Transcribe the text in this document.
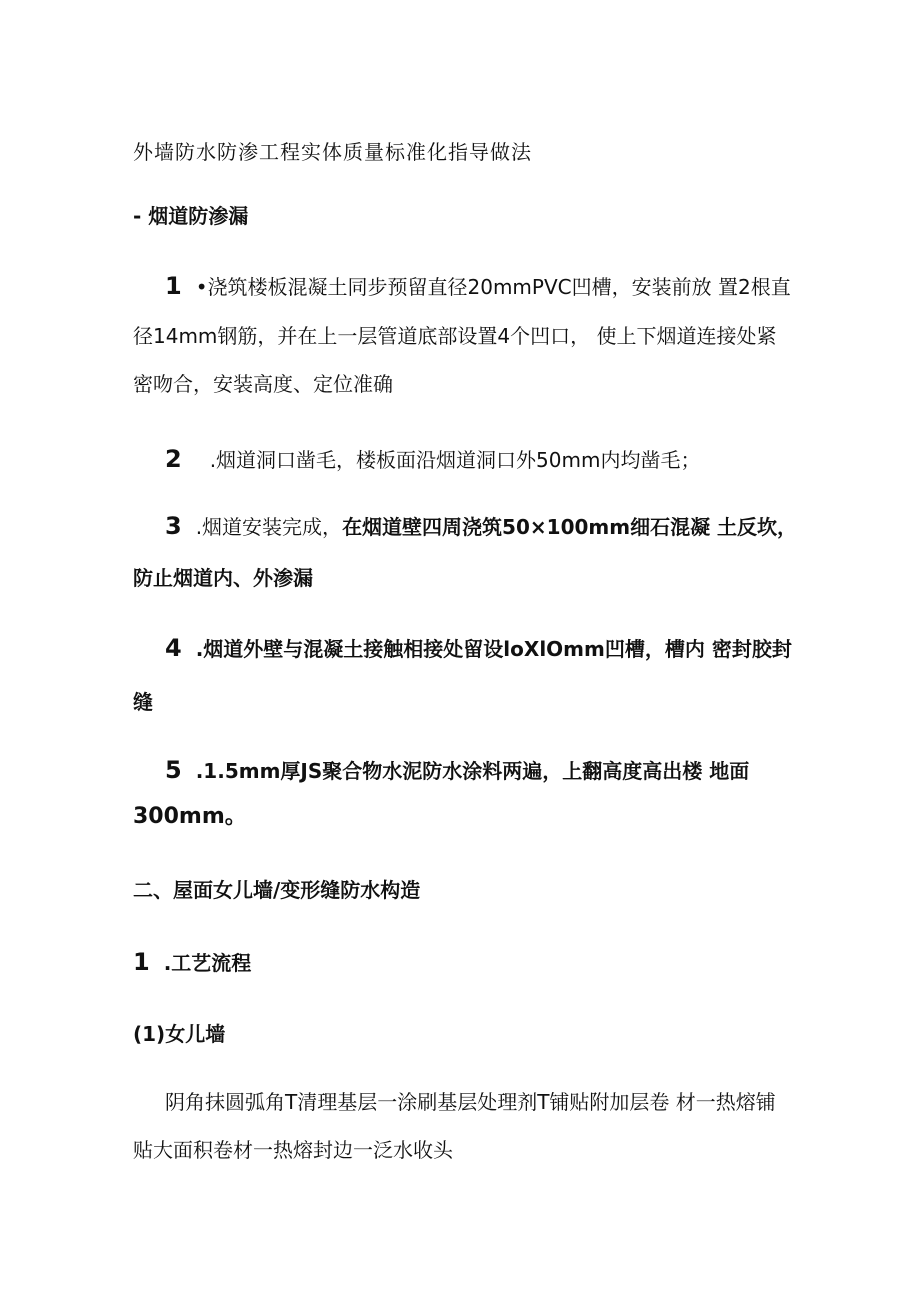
外墙防水防渗工程实体质量标准化指导做法
- 烟道防渗漏
1 •浇筑楼板混凝土同步预留直径20mmPVC凹槽，安装前放 置2根直
径14mm钢筋，并在上一层管道底部设置4个凹口， 使上下烟道连接处紧
密吻合，安装高度、定位准确
2 .烟道洞口凿毛，楼板面沿烟道洞口外50mm内均凿毛；
3 .烟道安装完成，在烟道壁四周浇筑50×100mm细石混凝 土反坎，
防止烟道内、外渗漏
4 .烟道外壁与混凝土接触相接处留设loXlOmm凹槽，槽内 密封胶封
缝
5 .1.5mm厚JS聚合物水泥防水涂料两遍，上翻高度高出楼 地面
300mm。
二、屋面女儿墙/变形缝防水构造
1 .工艺流程
(1)女儿墙
阴角抹圆弧角T清理基层一涂刷基层处理剂T铺贴附加层卷 材一热熔铺
贴大面积卷材一热熔封边一泛水收头
